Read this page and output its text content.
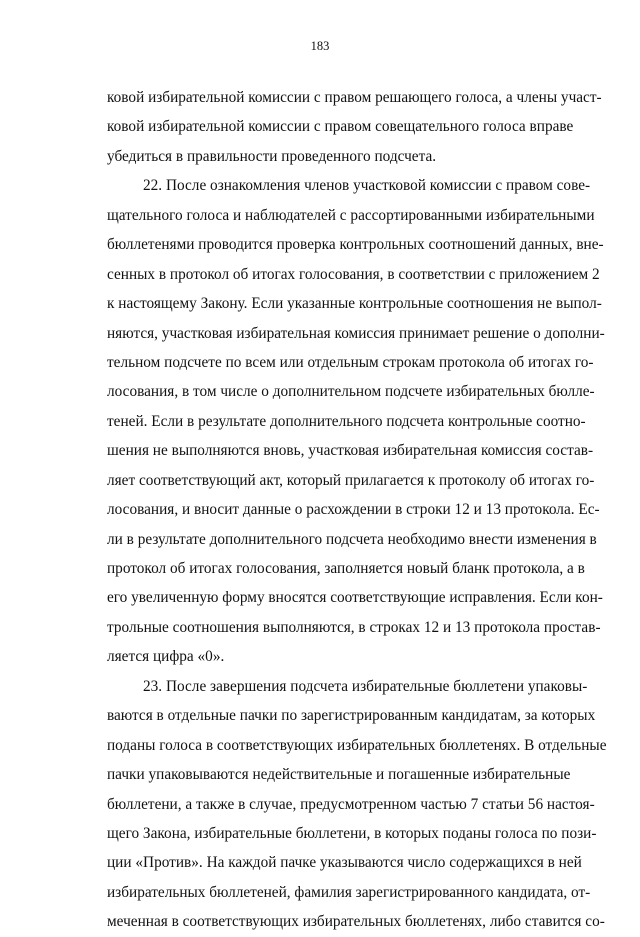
183
ковой избирательной комиссии с правом решающего голоса, а члены участ-
ковой избирательной комиссии с правом совещательного голоса вправе
убедиться в правильности проведенного подсчета.
22. После ознакомления членов участковой комиссии с правом сове-
щательного голоса и наблюдателей с рассортированными избирательными
бюллетенями проводится проверка контрольных соотношений данных, вне-
сенных в протокол об итогах голосования, в соответствии с приложением 2
к настоящему Закону. Если указанные контрольные соотношения не выпол-
няются, участковая избирательная комиссия принимает решение о дополни-
тельном подсчете по всем или отдельным строкам протокола об итогах го-
лосования, в том числе о дополнительном подсчете избирательных бюлле-
теней. Если в результате дополнительного подсчета контрольные соотно-
шения не выполняются вновь, участковая избирательная комиссия состав-
ляет соответствующий акт, который прилагается к протоколу об итогах го-
лосования, и вносит данные о расхождении в строки 12 и 13 протокола. Ес-
ли в результате дополнительного подсчета необходимо внести изменения в
протокол об итогах голосования, заполняется новый бланк протокола, а в
его увеличенную форму вносятся соответствующие исправления. Если кон-
трольные соотношения выполняются, в строках 12 и 13 протокола простав-
ляется цифра «0».
23. После завершения подсчета избирательные бюллетени упаковы-
ваются в отдельные пачки по зарегистрированным кандидатам, за которых
поданы голоса в соответствующих избирательных бюллетенях. В отдельные
пачки упаковываются недействительные и погашенные избирательные
бюллетени, а также в случае, предусмотренном частью 7 статьи 56 настоя-
щего Закона, избирательные бюллетени, в которых поданы голоса по пози-
ции «Против». На каждой пачке указываются число содержащихся в ней
избирательных бюллетеней, фамилия зарегистрированного кандидата, от-
меченная в соответствующих избирательных бюллетенях, либо ставится со-
